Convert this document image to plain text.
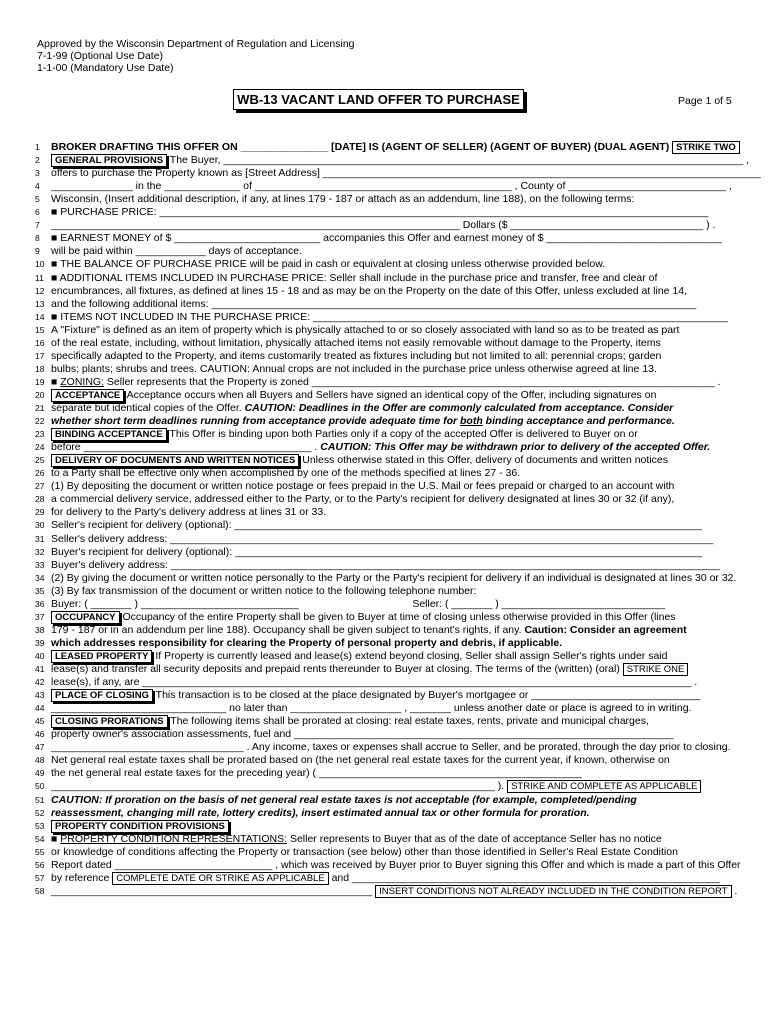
Approved by the Wisconsin Department of Regulation and Licensing
7-1-99 (Optional Use Date)
1-1-00 (Mandatory Use Date)
WB-13 VACANT LAND OFFER TO PURCHASE	Page 1 of 5
1 BROKER DRAFTING THIS OFFER ON _______________ [DATE] IS (AGENT OF SELLER) (AGENT OF BUYER) (DUAL AGENT) STRIKE TWO
2 GENERAL PROVISIONS The Buyer, _________________________________________________________________________________________ ,
3 offers to purchase the Property known as [Street Address] ___________________________________________________________________________
4 ______________ in the _____________ of ____________________________________________ , County of ___________________________ ,
5 Wisconsin, (Insert additional description, if any, at lines 179 - 187 or attach as an addendum, line 188), on the following terms:
6 ■ PURCHASE PRICE: ______________________________________________________________________________________________
7 ______________________________________________________________________ Dollars ($ _________________________________ ) .
8 ■ EARNEST MONEY of $ _________________________ accompanies this Offer and earnest money of $ ______________________________
9 will be paid within ____________ days of acceptance.
10 ■ THE BALANCE OF PURCHASE PRICE will be paid in cash or equivalent at closing unless otherwise provided below.
11 ■ ADDITIONAL ITEMS INCLUDED IN PURCHASE PRICE: Seller shall include in the purchase price and transfer, free and clear of
12 encumbrances, all fixtures, as defined at lines 15 - 18 and as may be on the Property on the date of this Offer, unless excluded at line 14,
13 and the following additional items: ___________________________________________________________________________________
14 ■ ITEMS NOT INCLUDED IN THE PURCHASE PRICE: _______________________________________________________________________
15 A "Fixture" is defined as an item of property which is physically attached to or so closely associated with land so as to be treated as part
16 of the real estate, including, without limitation, physically attached items not easily removable without damage to the Property, items
17 specifically adapted to the Property, and items customarily treated as fixtures including but not limited to all: perennial crops; garden
18 bulbs; plants; shrubs and trees. CAUTION: Annual crops are not included in the purchase price unless otherwise agreed at line 13.
19 ■ ZONING: Seller represents that the Property is zoned _____________________________________________________________________ .
20 ACCEPTANCE Acceptance occurs when all Buyers and Sellers have signed an identical copy of the Offer, including signatures on
21 separate but identical copies of the Offer. CAUTION: Deadlines in the Offer are commonly calculated from acceptance. Consider
22 whether short term deadlines running from acceptance provide adequate time for both binding acceptance and performance.
23 BINDING ACCEPTANCE This Offer is binding upon both Parties only if a copy of the accepted Offer is delivered to Buyer on or
24 before _______________________________________ . CAUTION: This Offer may be withdrawn prior to delivery of the accepted Offer.
25 DELIVERY OF DOCUMENTS AND WRITTEN NOTICES Unless otherwise stated in this Offer, delivery of documents and written notices
26 to a Party shall be effective only when accomplished by one of the methods specified at lines 27 - 36.
27 (1) By depositing the document or written notice postage or fees prepaid in the U.S. Mail or fees prepaid or charged to an account with
28 a commercial delivery service, addressed either to the Party, or to the Party's recipient for delivery designated at lines 30 or 32 (if any),
29 for delivery to the Party's delivery address at lines 31 or 33.
30 Seller's recipient for delivery (optional): ________________________________________________________________________________
31 Seller's delivery address: _____________________________________________________________________________________________
32 Buyer's recipient for delivery (optional): ________________________________________________________________________________
33 Buyer's delivery address: ______________________________________________________________________________________________
34 (2) By giving the document or written notice personally to the Party or the Party's recipient for delivery if an individual is designated at lines 30 or 32.
35 (3) By fax transmission of the document or written notice to the following telephone number:
36 Buyer: ( _______ ) ___________________________                                       Seller: ( _______ ) ____________________________
37 OCCUPANCY Occupancy of the entire Property shall be given to Buyer at time of closing unless otherwise provided in this Offer (lines
38 179 - 187 or in an addendum per line 188). Occupancy shall be given subject to tenant's rights, if any. Caution: Consider an agreement
39 which addresses responsibility for clearing the Property of personal property and debris, if applicable.
40 LEASED PROPERTY If Property is currently leased and lease(s) extend beyond closing, Seller shall assign Seller's rights under said
41 lease(s) and transfer all security deposits and prepaid rents thereunder to Buyer at closing. The terms of the (written) (oral) STRIKE ONE
42 lease(s), if any, are ______________________________________________________________________________________________ .
43 PLACE OF CLOSING This transaction is to be closed at the place designated by Buyer's mortgagee or _____________________________
44 ______________________________ no later than ___________________ , _______ unless another date or place is agreed to in writing.
45 CLOSING PRORATIONS The following items shall be prorated at closing: real estate taxes, rents, private and municipal charges,
46 property owner's association assessments, fuel and _________________________________________________________________
47 _________________________________ . Any income, taxes or expenses shall accrue to Seller, and be prorated, through the day prior to closing.
48 Net general real estate taxes shall be prorated based on (the net general real estate taxes for the current year, if known, otherwise on
49 the net general real estate taxes for the preceding year) ( _____________________________________________
50 ____________________________________________________________________________ ). STRIKE AND COMPLETE AS APPLICABLE
51 CAUTION: If proration on the basis of net general real estate taxes is not acceptable (for example, completed/pending
52 reassessment, changing mill rate, lottery credits), insert estimated annual tax or other formula for proration.
53 PROPERTY CONDITION PROVISIONS
54 ■ PROPERTY CONDITION REPRESENTATIONS: Seller represents to Buyer that as of the date of acceptance Seller has no notice
55 or knowledge of conditions affecting the Property or transaction (see below) other than those identified in Seller's Real Estate Condition
56 Report dated ___________________________ , which was received by Buyer prior to Buyer signing this Offer and which is made a part of this Offer
57 by reference COMPLETE DATE OR STRIKE AS APPLICABLE and _______________________________________________________________
58 _______________________________________________________ INSERT CONDITIONS NOT ALREADY INCLUDED IN THE CONDITION REPORT .
